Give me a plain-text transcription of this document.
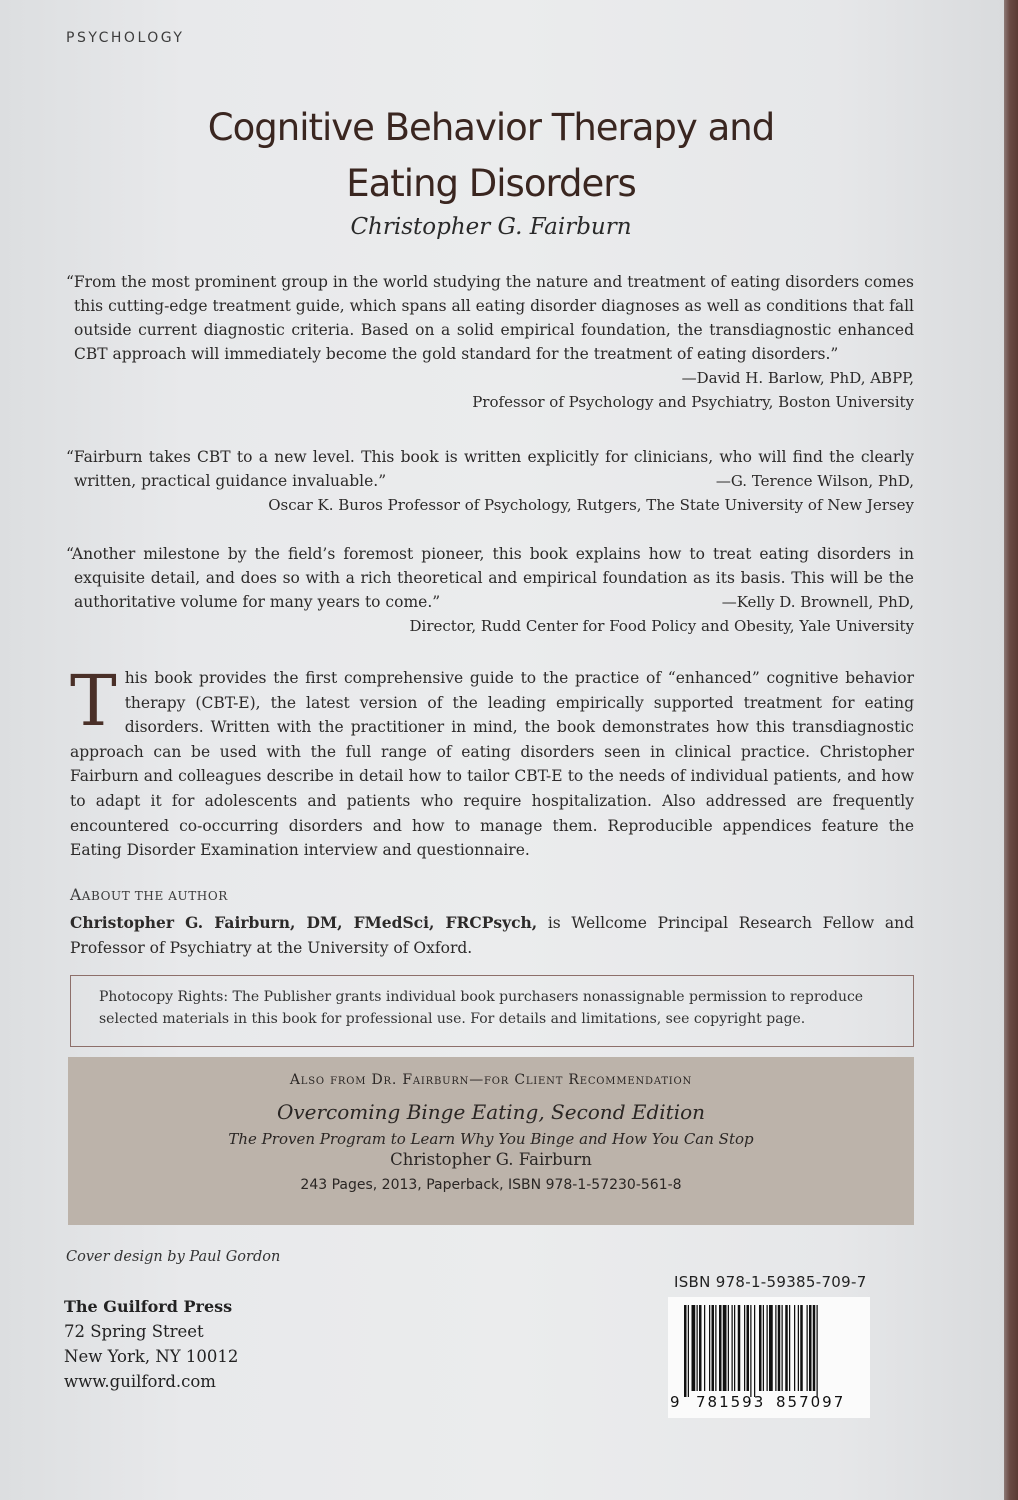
PSYCHOLOGY
Cognitive Behavior Therapy and
Eating Disorders
Christopher G. Fairburn

“From the most prominent group in the world studying the nature and treatment of eating disorders comes this cutting-edge treatment guide, which spans all eating disorder diagnoses as well as conditions that fall outside current diagnostic criteria. Based on a solid empirical foundation, the transdiagnostic enhanced CBT approach will immediately become the gold standard for the treatment of eating disorders.”

—David H. Barlow, PhD, ABPP,

Professor of Psychology and Psychiatry, Boston University

“Fairburn takes CBT to a new level. This book is written explicitly for clinicians, who will find the clearly written, practical guidance invaluable.”	—G. Terence Wilson, PhD,

Oscar K. Buros Professor of Psychology, Rutgers, The State University of New Jersey

“Another milestone by the field’s foremost pioneer, this book explains how to treat eating disorders in exquisite detail, and does so with a rich theoretical and empirical foundation as its basis. This will be the authoritative volume for many years to come.”	—Kelly D. Brownell, PhD,

Director, Rudd Center for Food Policy and Obesity, Yale University

This book provides the first comprehensive guide to the practice of “enhanced” cognitive behavior therapy (CBT-E), the latest version of the leading empirically supported treatment for eating disorders. Written with the practitioner in mind, the book demonstrates how this transdiagnostic approach can be used with the full range of eating disorders seen in clinical practice. Christopher Fairburn and colleagues describe in detail how to tailor CBT-E to the needs of individual patients, and how to adapt it for adolescents and patients who require hospitalization. Also addressed are frequently encountered co-occurring disorders and how to manage them. Reproducible appendices feature the Eating Disorder Examination interview and questionnaire.
AABOUT THE AUTHOR
Christopher G. Fairburn, DM, FMedSci, FRCPsych, is Wellcome Principal Research Fellow and Professor of Psychiatry at the University of Oxford.
Photocopy Rights: The Publisher grants individual book purchasers nonassignable permission to reproduce selected materials in this book for professional use. For details and limitations, see copyright page.
Also from Dr. Fairburn—for Client Recommendation
Overcoming Binge Eating, Second Edition
The Proven Program to Learn Why You Binge and How You Can Stop
Christopher G. Fairburn
243 Pages, 2013, Paperback, ISBN 978-1-57230-561-8
Cover design by Paul Gordon
The Guilford Press
72 Spring Street
New York, NY 10012
www.guilford.com
ISBN 978-1-59385-709-7
9 781593 857097
